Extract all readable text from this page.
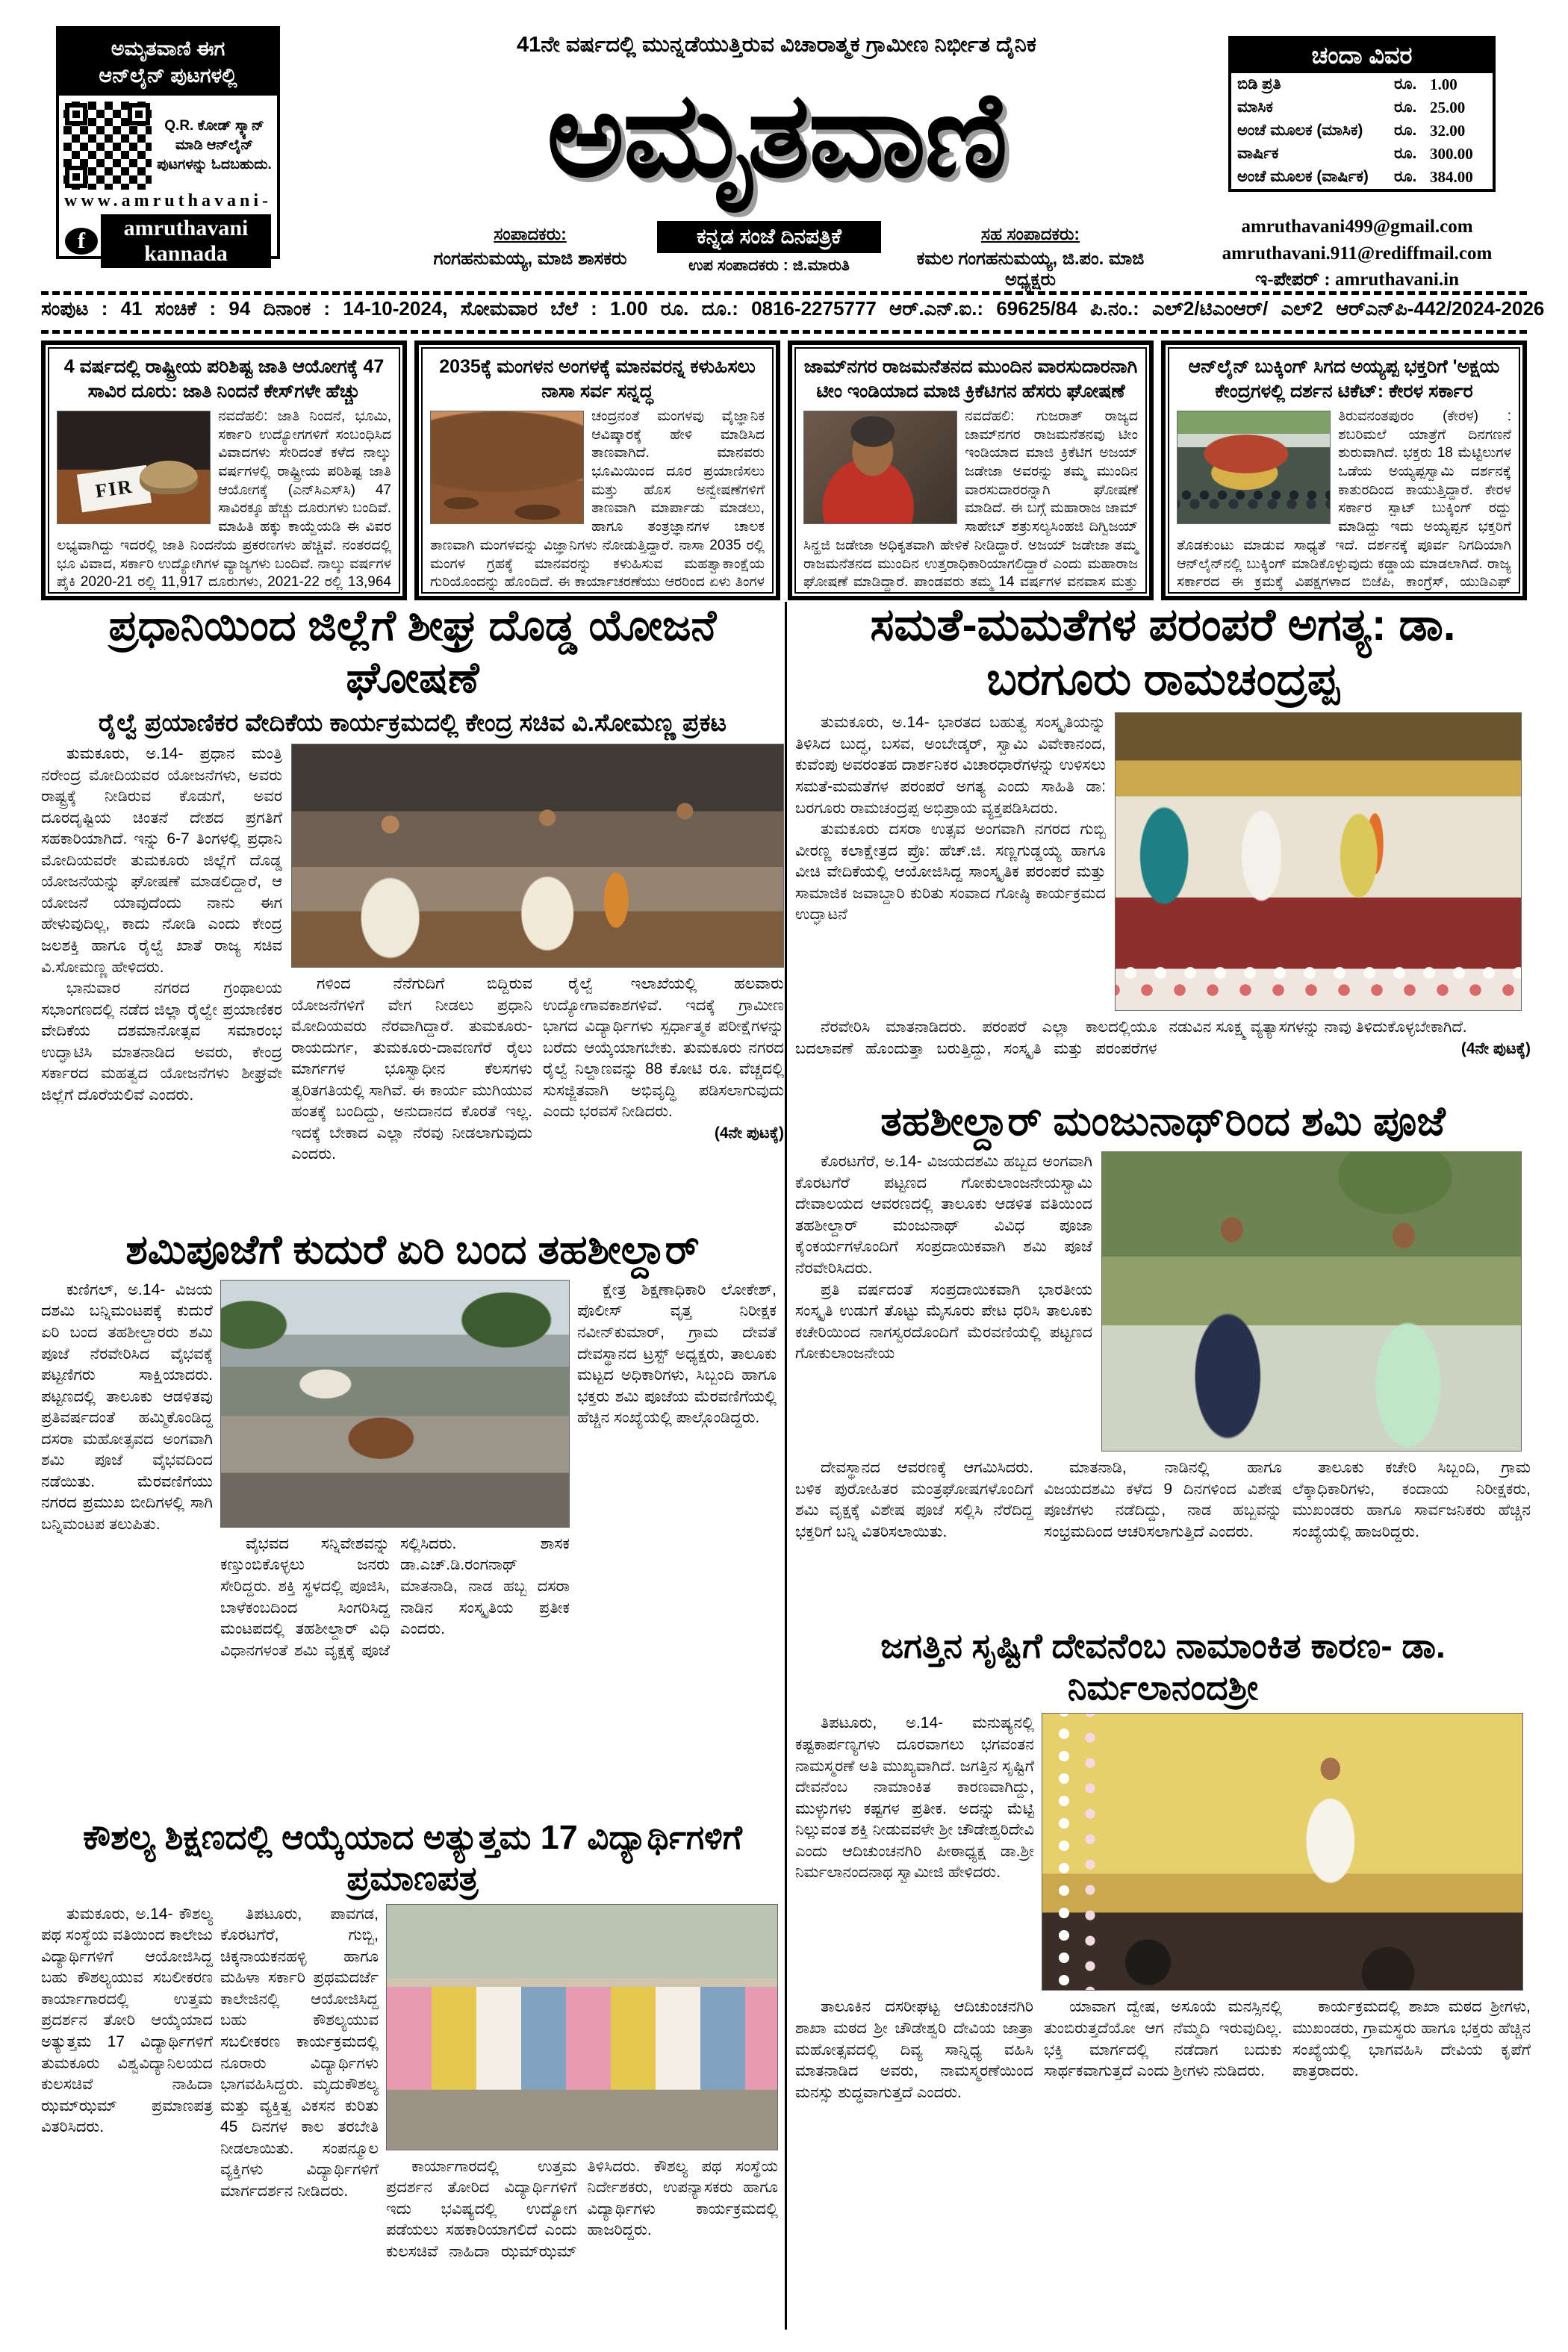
ಅಮೃತವಾಣಿ ಈಗ
ಆನ್‌ಲೈನ್ ಪುಟಗಳಲ್ಲಿ
Q.R. ಕೋಡ್ ಸ್ಕ್ಯಾನ್ ಮಾಡಿ ಆನ್‌ಲೈನ್ ಪುಟಗಳನ್ನು ಓದಬಹುದು.
www.amruthavani-
f
amruthavani kannada
41ನೇ ವರ್ಷದಲ್ಲಿ ಮುನ್ನಡೆಯುತ್ತಿರುವ ವಿಚಾರಾತ್ಮಕ ಗ್ರಾಮೀಣ ನಿರ್ಭೀತ ದೈನಿಕ
ಅಮೃತವಾಣಿ
ಕನ್ನಡ ಸಂಜೆ ದಿನಪತ್ರಿಕೆ
ಉಪ ಸಂಪಾದಕರು : ಜಿ.ಮಾರುತಿ
ಸಂಪಾದಕರು:
ಗಂಗಹನುಮಯ್ಯ, ಮಾಜಿ ಶಾಸಕರು
ಸಹ ಸಂಪಾದಕರು:
ಕಮಲ ಗಂಗಹನುಮಯ್ಯ, ಜಿ.ಪಂ. ಮಾಜಿ ಅಧ್ಯಕ್ಷರು
amruthavani499@gmail.com
amruthavani.911@rediffmail.com
ಇ-ಪೇಪರ್ : amruthavani.in
ಚಂದಾ ವಿವರ
ಬಿಡಿ ಪ್ರತಿ	ರೂ. 1.00
ಮಾಸಿಕ	ರೂ. 25.00
ಅಂಚೆ ಮೂಲಕ (ಮಾಸಿಕ)	ರೂ. 32.00
ವಾರ್ಷಿಕ	ರೂ. 300.00
ಅಂಚೆ ಮೂಲಕ (ವಾರ್ಷಿಕ)	ರೂ. 384.00
ಸಂಪುಟ : 41 ಸಂಚಿಕೆ : 94 ದಿನಾಂಕ : 14-10-2024, ಸೋಮವಾರ ಬೆಲೆ : 1.00 ರೂ. ದೂ.: 0816-2275777 ಆರ್.ಎನ್.ಐ.: 69625/84 ಪಿ.ನಂ.: ಎಲ್2/ಟಿಎಂಆರ್/ ಎಲ್2 ಆರ್‌ಎನ್‌ಪಿ-442/2024-2026
4 ವರ್ಷದಲ್ಲಿ ರಾಷ್ಟ್ರೀಯ ಪರಿಶಿಷ್ಟ ಜಾತಿ ಆಯೋಗಕ್ಕೆ 47 ಸಾವಿರ ದೂರು: ಜಾತಿ ನಿಂದನೆ ಕೇಸ್‌ಗಳೇ ಹೆಚ್ಚು
FIR
ನವದೆಹಲಿ: ಜಾತಿ ನಿಂದನೆ, ಭೂಮಿ, ಸರ್ಕಾರಿ ಉದ್ಯೋಗಗಳಿಗೆ ಸಂಬಂಧಿಸಿದ ವಿವಾದಗಳು ಸೇರಿದಂತೆ ಕಳೆದ ನಾಲ್ಕು ವರ್ಷಗಳಲ್ಲಿ ರಾಷ್ಟ್ರೀಯ ಪರಿಶಿಷ್ಟ ಜಾತಿ ಆಯೋಗಕ್ಕೆ (ಎನ್‌ಸಿಎಸ್‌ಸಿ) 47 ಸಾವಿರಕ್ಕೂ ಹೆಚ್ಚು ದೂರುಗಳು ಬಂದಿವೆ. ಮಾಹಿತಿ ಹಕ್ಕು ಕಾಯ್ದೆಯಡಿ ಈ ವಿವರ ಲಭ್ಯವಾಗಿದ್ದು ಇದರಲ್ಲಿ ಜಾತಿ ನಿಂದನೆಯ ಪ್ರಕರಣಗಳು ಹೆಚ್ಚಿವೆ. ನಂತರದಲ್ಲಿ ಭೂ ವಿವಾದ, ಸರ್ಕಾರಿ ಉದ್ಯೋಗಿಗಳ ವ್ಯಾಜ್ಯಗಳು ಬಂದಿವೆ. ನಾಲ್ಕು ವರ್ಷಗಳ ಪೈಕಿ 2020-21 ರಲ್ಲಿ 11,917 ದೂರುಗಳು, 2021-22 ರಲ್ಲಿ 13,964
2035ಕ್ಕೆ ಮಂಗಳನ ಅಂಗಳಕ್ಕೆ ಮಾನವರನ್ನ ಕಳುಹಿಸಲು ನಾಸಾ ಸರ್ವ ಸನ್ನದ್ಧ
ಚಂದ್ರನಂತೆ ಮಂಗಳವು ವೈಜ್ಞಾನಿಕ ಆವಿಷ್ಕಾರಕ್ಕೆ ಹೇಳಿ ಮಾಡಿಸಿದ ತಾಣವಾಗಿದೆ. ಮಾನವರು ಭೂಮಿಯಿಂದ ದೂರ ಪ್ರಯಾಣಿಸಲು ಮತ್ತು ಹೊಸ ಅನ್ವೇಷಣೆಗಳಿಗೆ ತಾಣವಾಗಿ ಮಾರ್ಪಾಡು ಮಾಡಲು, ಹಾಗೂ ತಂತ್ರಜ್ಞಾನಗಳ ಚಾಲಕ ತಾಣವಾಗಿ ಮಂಗಳವನ್ನು ವಿಜ್ಞಾನಿಗಳು ನೋಡುತ್ತಿದ್ದಾರೆ. ನಾಸಾ 2035 ರಲ್ಲಿ ಮಂಗಳ ಗ್ರಹಕ್ಕೆ ಮಾನವರನ್ನು ಕಳುಹಿಸುವ ಮಹತ್ವಾಕಾಂಕ್ಷೆಯ ಗುರಿಯೊಂದನ್ನು ಹೊಂದಿದೆ. ಈ ಕಾರ್ಯಾಚರಣೆಯು ಆರರಿಂದ ಏಳು ತಿಂಗಳ
ಜಾಮ್‌ನಗರ ರಾಜಮನೆತನದ ಮುಂದಿನ ವಾರಸುದಾರನಾಗಿ ಟೀಂ ಇಂಡಿಯಾದ ಮಾಜಿ ಕ್ರಿಕೆಟಿಗನ ಹೆಸರು ಘೋಷಣೆ
ನವದೆಹಲಿ: ಗುಜರಾತ್ ರಾಜ್ಯದ ಜಾಮ್‌ನಗರ ರಾಜಮನೆತನವು ಟೀಂ ಇಂಡಿಯಾದ ಮಾಜಿ ಕ್ರಿಕೆಟಿಗ ಅಜಯ್ ಜಡೇಜಾ ಅವರನ್ನು ತಮ್ಮ ಮುಂದಿನ ವಾರಸುದಾರರನ್ನಾಗಿ ಘೋಷಣೆ ಮಾಡಿದೆ. ಈ ಬಗ್ಗೆ ಮಹಾರಾಜ ಜಾಮ್ ಸಾಹೇಬ್ ಶತ್ರುಸಲ್ಯಸಿಂಹಜಿ ದಿಗ್ವಿಜಯ್ ಸಿನ್ಹಜಿ ಜಡೇಜಾ ಅಧಿಕೃತವಾಗಿ ಹೇಳಿಕೆ ನೀಡಿದ್ದಾರೆ. ಅಜಯ್ ಜಡೇಜಾ ತಮ್ಮ ರಾಜಮನೆತನದ ಮುಂದಿನ ಉತ್ತರಾಧಿಕಾರಿಯಾಗಲಿದ್ದಾರೆ ಎಂದು ಮಹಾರಾಜ ಘೋಷಣೆ ಮಾಡಿದ್ದಾರೆ. ಪಾಂಡವರು ತಮ್ಮ 14 ವರ್ಷಗಳ ವನವಾಸ ಮತ್ತು
ಆನ್‌ಲೈನ್ ಬುಕ್ಕಿಂಗ್ ಸಿಗದ ಅಯ್ಯಪ್ಪ ಭಕ್ತರಿಗೆ 'ಅಕ್ಷಯ ಕೇಂದ್ರಗಳಲ್ಲಿ ದರ್ಶನ ಟಿಕೆಟ್: ಕೇರಳ ಸರ್ಕಾರ
ತಿರುವನಂತಪುರಂ (ಕೇರಳ) : ಶಬರಿಮಲೆ ಯಾತ್ರೆಗೆ ದಿನಗಣನೆ ಶುರುವಾಗಿದೆ. ಭಕ್ತರು 18 ಮೆಟ್ಟಿಲುಗಳ ಒಡೆಯ ಅಯ್ಯಪ್ಪಸ್ವಾಮಿ ದರ್ಶನಕ್ಕೆ ಕಾತುರದಿಂದ ಕಾಯುತ್ತಿದ್ದಾರೆ. ಕೇರಳ ಸರ್ಕಾರ ಸ್ಪಾಟ್ ಬುಕ್ಕಿಂಗ್ ರದ್ದು ಮಾಡಿದ್ದು ಇದು ಅಯ್ಯಪ್ಪನ ಭಕ್ತರಿಗೆ ತೊಡಕುಂಟು ಮಾಡುವ ಸಾಧ್ಯತೆ ಇದೆ. ದರ್ಶನಕ್ಕೆ ಪೂರ್ವ ನಿಗದಿಯಾಗಿ ಆನ್‌ಲೈನ್‌ನಲ್ಲಿ ಬುಕ್ಕಿಂಗ್ ಮಾಡಿಕೊಳ್ಳುವುದು ಕಡ್ಡಾಯ ಮಾಡಲಾಗಿದೆ. ರಾಜ್ಯ ಸರ್ಕಾರದ ಈ ಕ್ರಮಕ್ಕೆ ವಿಪಕ್ಷಗಳಾದ ಬಿಜೆಪಿ, ಕಾಂಗ್ರೆಸ್, ಯುಡಿಎಫ್
ಪ್ರಧಾನಿಯಿಂದ ಜಿಲ್ಲೆಗೆ ಶೀಘ್ರ ದೊಡ್ಡ ಯೋಜನೆ ಘೋಷಣೆ
ರೈಲ್ವೆ ಪ್ರಯಾಣಿಕರ ವೇದಿಕೆಯ ಕಾರ್ಯಕ್ರಮದಲ್ಲಿ ಕೇಂದ್ರ ಸಚಿವ ವಿ.ಸೋಮಣ್ಣ ಪ್ರಕಟ

ತುಮಕೂರು, ಅ.14- ಪ್ರಧಾನ ಮಂತ್ರಿ ನರೇಂದ್ರ ಮೋದಿಯವರ ಯೋಜನೆಗಳು, ಅವರು ರಾಷ್ಟ್ರಕ್ಕೆ ನೀಡಿರುವ ಕೊಡುಗೆ, ಅವರ ದೂರದೃಷ್ಟಿಯ ಚಿಂತನೆ ದೇಶದ ಪ್ರಗತಿಗೆ ಸಹಕಾರಿಯಾಗಿದೆ. ಇನ್ನು 6-7 ತಿಂಗಳಲ್ಲಿ ಪ್ರಧಾನಿ ಮೋದಿಯವರೇ ತುಮಕೂರು ಜಿಲ್ಲೆಗೆ ದೊಡ್ಡ ಯೋಜನೆಯನ್ನು ಘೋಷಣೆ ಮಾಡಲಿದ್ದಾರೆ, ಆ ಯೋಜನೆ ಯಾವುದೆಂದು ನಾನು ಈಗ ಹೇಳುವುದಿಲ್ಲ, ಕಾದು ನೋಡಿ ಎಂದು ಕೇಂದ್ರ ಜಲಶಕ್ತಿ ಹಾಗೂ ರೈಲ್ವೆ ಖಾತೆ ರಾಜ್ಯ ಸಚಿವ ವಿ.ಸೋಮಣ್ಣ ಹೇಳಿದರು.

ಭಾನುವಾರ ನಗರದ ಗ್ರಂಥಾಲಯ ಸಭಾಂಗಣದಲ್ಲಿ ನಡೆದ ಜಿಲ್ಲಾ ರೈಲ್ವೇ ಪ್ರಯಾಣಿಕರ ವೇದಿಕೆಯ ದಶಮಾನೋತ್ಸವ ಸಮಾರಂಭ ಉದ್ಘಾಟಿಸಿ ಮಾತನಾಡಿದ ಅವರು, ಕೇಂದ್ರ ಸರ್ಕಾರದ ಮಹತ್ವದ ಯೋಜನೆಗಳು ಶೀಘ್ರವೇ ಜಿಲ್ಲೆಗೆ ದೊರೆಯಲಿವೆ ಎಂದರು.

ಗಳಿಂದ ನೆನೆಗುದಿಗೆ ಬಿದ್ದಿರುವ ಯೋಜನೆಗಳಿಗೆ ವೇಗ ನೀಡಲು ಪ್ರಧಾನಿ ಮೋದಿಯವರು ನೆರವಾಗಿದ್ದಾರೆ. ತುಮಕೂರು-ರಾಯದುರ್ಗ, ತುಮಕೂರು-ದಾವಣಗೆರೆ ರೈಲು ಮಾರ್ಗಗಳ ಭೂಸ್ವಾಧೀನ ಕೆಲಸಗಳು ತ್ವರಿತಗತಿಯಲ್ಲಿ ಸಾಗಿವೆ. ಈ ಕಾರ್ಯ ಮುಗಿಯುವ ಹಂತಕ್ಕೆ ಬಂದಿದ್ದು, ಅನುದಾನದ ಕೊರತೆ ಇಲ್ಲ. ಇದಕ್ಕೆ ಬೇಕಾದ ಎಲ್ಲಾ ನೆರವು ನೀಡಲಾಗುವುದು ಎಂದರು.

ರೈಲ್ವೆ ಇಲಾಖೆಯಲ್ಲಿ ಹಲವಾರು ಉದ್ಯೋಗಾವಕಾಶಗಳಿವೆ. ಇದಕ್ಕೆ ಗ್ರಾಮೀಣ ಭಾಗದ ವಿದ್ಯಾರ್ಥಿಗಳು ಸ್ಪರ್ಧಾತ್ಮಕ ಪರೀಕ್ಷೆಗಳನ್ನು ಬರೆದು ಆಯ್ಕೆಯಾಗಬೇಕು. ತುಮಕೂರು ನಗರದ ರೈಲ್ವೆ ನಿಲ್ದಾಣವನ್ನು 88 ಕೋಟಿ ರೂ. ವೆಚ್ಚದಲ್ಲಿ ಸುಸಜ್ಜಿತವಾಗಿ ಅಭಿವೃದ್ಧಿ ಪಡಿಸಲಾಗುವುದು ಎಂದು ಭರವಸೆ ನೀಡಿದರು.

(4ನೇ ಪುಟಕ್ಕೆ)

ಶಮಿಪೂಜೆಗೆ ಕುದುರೆ ಏರಿ ಬಂದ ತಹಶೀಲ್ದಾರ್

ಕುಣಿಗಲ್, ಅ.14- ವಿಜಯ ದಶಮಿ ಬನ್ನಿಮಂಟಪಕ್ಕೆ ಕುದುರೆ ಏರಿ ಬಂದ ತಹಶೀಲ್ದಾರರು ಶಮಿ ಪೂಜೆ ನೆರವೇರಿಸಿದ ವೈಭವಕ್ಕೆ ಪಟ್ಟಣಿಗರು ಸಾಕ್ಷಿಯಾದರು. ಪಟ್ಟಣದಲ್ಲಿ ತಾಲೂಕು ಆಡಳಿತವು ಪ್ರತಿವರ್ಷದಂತೆ ಹಮ್ಮಿಕೊಂಡಿದ್ದ ದಸರಾ ಮಹೋತ್ಸವದ ಅಂಗವಾಗಿ ಶಮಿ ಪೂಜೆ ವೈಭವದಿಂದ ನಡೆಯಿತು. ಮೆರವಣಿಗೆಯು ನಗರದ ಪ್ರಮುಖ ಬೀದಿಗಳಲ್ಲಿ ಸಾಗಿ ಬನ್ನಿಮಂಟಪ ತಲುಪಿತು.

ವೈಭವದ ಸನ್ನಿವೇಶವನ್ನು ಕಣ್ತುಂಬಿಕೊಳ್ಳಲು ಜನರು ಸೇರಿದ್ದರು. ಶಕ್ತಿ ಸ್ಥಳದಲ್ಲಿ ಪೂಜಿಸಿ, ಬಾಳೆಕಂಬದಿಂದ ಸಿಂಗರಿಸಿದ್ದ ಮಂಟಪದಲ್ಲಿ ತಹಶೀಲ್ದಾರ್ ವಿಧಿ ವಿಧಾನಗಳಂತೆ ಶಮಿ ವೃಕ್ಷಕ್ಕೆ ಪೂಜೆ ಸಲ್ಲಿಸಿದರು. ಶಾಸಕ ಡಾ.ಎಚ್.ಡಿ.ರಂಗನಾಥ್ ಮಾತನಾಡಿ, ನಾಡ ಹಬ್ಬ ದಸರಾ ನಾಡಿನ ಸಂಸ್ಕೃತಿಯ ಪ್ರತೀಕ ಎಂದರು.

ಕ್ಷೇತ್ರ ಶಿಕ್ಷಣಾಧಿಕಾರಿ ಲೋಕೇಶ್, ಪೊಲೀಸ್ ವೃತ್ತ ನಿರೀಕ್ಷಕ ನವೀನ್‌ಕುಮಾರ್, ಗ್ರಾಮ ದೇವತೆ ದೇವಸ್ಥಾನದ ಟ್ರಸ್ಟ್ ಅಧ್ಯಕ್ಷರು, ತಾಲೂಕು ಮಟ್ಟದ ಅಧಿಕಾರಿಗಳು, ಸಿಬ್ಬಂದಿ ಹಾಗೂ ಭಕ್ತರು ಶಮಿ ಪೂಜೆಯ ಮೆರವಣಿಗೆಯಲ್ಲಿ ಹೆಚ್ಚಿನ ಸಂಖ್ಯೆಯಲ್ಲಿ ಪಾಲ್ಗೊಂಡಿದ್ದರು.

ಕೌಶಲ್ಯ ಶಿಕ್ಷಣದಲ್ಲಿ ಆಯ್ಕೆಯಾದ ಅತ್ಯುತ್ತಮ 17 ವಿದ್ಯಾರ್ಥಿಗಳಿಗೆ ಪ್ರಮಾಣಪತ್ರ

ತುಮಕೂರು, ಅ.14- ಕೌಶಲ್ಯ ಪಥ ಸಂಸ್ಥೆಯ ವತಿಯಿಂದ ಕಾಲೇಜು ವಿದ್ಯಾರ್ಥಿಗಳಿಗೆ ಆಯೋಜಿಸಿದ್ದ ಬಹು ಕೌಶಲ್ಯಯುವ ಸಬಲೀಕರಣ ಕಾರ್ಯಾಗಾರದಲ್ಲಿ ಉತ್ತಮ ಪ್ರದರ್ಶನ ತೋರಿ ಆಯ್ಕೆಯಾದ ಅತ್ಯುತ್ತಮ 17 ವಿದ್ಯಾರ್ಥಿಗಳಿಗೆ ತುಮಕೂರು ವಿಶ್ವವಿದ್ಯಾನಿಲಯದ ಕುಲಸಚಿವೆ ನಾಹಿದಾ ಝಮ್‌ಝಮ್ ಪ್ರಮಾಣಪತ್ರ ವಿತರಿಸಿದರು.

ತಿಪಟೂರು, ಪಾವಗಡ, ಕೊರಟಗೆರೆ, ಗುಬ್ಬಿ, ಚಿಕ್ಕನಾಯಕನಹಳ್ಳಿ ಹಾಗೂ ಮಹಿಳಾ ಸರ್ಕಾರಿ ಪ್ರಥಮದರ್ಜೆ ಕಾಲೇಜಿನಲ್ಲಿ ಆಯೋಜಿಸಿದ್ದ ಬಹು ಕೌಶಲ್ಯಯುವ ಸಬಲೀಕರಣ ಕಾರ್ಯಕ್ರಮದಲ್ಲಿ ನೂರಾರು ವಿದ್ಯಾರ್ಥಿಗಳು ಭಾಗವಹಿಸಿದ್ದರು. ಮೃದುಕೌಶಲ್ಯ ಮತ್ತು ವ್ಯಕ್ತಿತ್ವ ವಿಕಸನ ಕುರಿತು 45 ದಿನಗಳ ಕಾಲ ತರಬೇತಿ ನೀಡಲಾಯಿತು. ಸಂಪನ್ಮೂಲ ವ್ಯಕ್ತಿಗಳು ವಿದ್ಯಾರ್ಥಿಗಳಿಗೆ ಮಾರ್ಗದರ್ಶನ ನೀಡಿದರು.

ಕಾರ್ಯಾಗಾರದಲ್ಲಿ ಉತ್ತಮ ಪ್ರದರ್ಶನ ತೋರಿದ ವಿದ್ಯಾರ್ಥಿಗಳಿಗೆ ಇದು ಭವಿಷ್ಯದಲ್ಲಿ ಉದ್ಯೋಗ ಪಡೆಯಲು ಸಹಕಾರಿಯಾಗಲಿದೆ ಎಂದು ಕುಲಸಚಿವೆ ನಾಹಿದಾ ಝಮ್‌ಝಮ್ ತಿಳಿಸಿದರು. ಕೌಶಲ್ಯ ಪಥ ಸಂಸ್ಥೆಯ ನಿರ್ದೇಶಕರು, ಉಪನ್ಯಾಸಕರು ಹಾಗೂ ವಿದ್ಯಾರ್ಥಿಗಳು ಕಾರ್ಯಕ್ರಮದಲ್ಲಿ ಹಾಜರಿದ್ದರು.

ಸಮತೆ-ಮಮತೆಗಳ ಪರಂಪರೆ ಅಗತ್ಯ: ಡಾ. ಬರಗೂರು ರಾಮಚಂದ್ರಪ್ಪ

ತುಮಕೂರು, ಅ.14- ಭಾರತದ ಬಹುತ್ವ ಸಂಸ್ಕೃತಿಯನ್ನು ತಿಳಿಸಿದ ಬುದ್ಧ, ಬಸವ, ಅಂಬೇಡ್ಕರ್, ಸ್ವಾಮಿ ವಿವೇಕಾನಂದ, ಕುವೆಂಪು ಅವರಂತಹ ದಾರ್ಶನಿಕರ ವಿಚಾರಧಾರೆಗಳನ್ನು ಉಳಿಸಲು ಸಮತೆ-ಮಮತೆಗಳ ಪರಂಪರೆ ಅಗತ್ಯ ಎಂದು ಸಾಹಿತಿ ಡಾ: ಬರಗೂರು ರಾಮಚಂದ್ರಪ್ಪ ಅಭಿಪ್ರಾಯ ವ್ಯಕ್ತಪಡಿಸಿದರು.

ತುಮಕೂರು ದಸರಾ ಉತ್ಸವ ಅಂಗವಾಗಿ ನಗರದ ಗುಬ್ಬಿ ವೀರಣ್ಣ ಕಲಾಕ್ಷೇತ್ರದ ಪ್ರೊ: ಹೆಚ್.ಜಿ. ಸಣ್ಣಗುಡ್ಡಯ್ಯ ಹಾಗೂ ವೀಚಿ ವೇದಿಕೆಯಲ್ಲಿ ಆಯೋಜಿಸಿದ್ದ ಸಾಂಸ್ಕೃತಿಕ ಪರಂಪರೆ ಮತ್ತು ಸಾಮಾಜಿಕ ಜವಾಬ್ದಾರಿ ಕುರಿತು ಸಂವಾದ ಗೋಷ್ಠಿ ಕಾರ್ಯಕ್ರಮದ ಉದ್ಘಾಟನೆ

ನೆರವೇರಿಸಿ ಮಾತನಾಡಿದರು. ಪರಂಪರೆ ಎಲ್ಲಾ ಕಾಲದಲ್ಲಿಯೂ ಬದಲಾವಣೆ ಹೊಂದುತ್ತಾ ಬರುತ್ತಿದ್ದು, ಸಂಸ್ಕೃತಿ ಮತ್ತು ಪರಂಪರೆಗಳ ನಡುವಿನ ಸೂಕ್ಷ್ಮ ವ್ಯತ್ಯಾಸಗಳನ್ನು ನಾವು ತಿಳಿದುಕೊಳ್ಳಬೇಕಾಗಿದೆ.

(4ನೇ ಪುಟಕ್ಕೆ)

ತಹಶೀಲ್ದಾರ್ ಮಂಜುನಾಥ್‌ರಿಂದ ಶಮಿ ಪೂಜೆ

ಕೊರಟಗೆರೆ, ಅ.14- ವಿಜಯದಶಮಿ ಹಬ್ಬದ ಅಂಗವಾಗಿ ಕೊರಟಗೆರೆ ಪಟ್ಟಣದ ಗೋಕುಲಾಂಜನೇಯಸ್ವಾಮಿ ದೇವಾಲಯದ ಆವರಣದಲ್ಲಿ ತಾಲೂಕು ಆಡಳಿತ ವತಿಯಿಂದ ತಹಶೀಲ್ದಾರ್ ಮಂಜುನಾಥ್ ವಿವಿಧ ಪೂಜಾ ಕೈಂಕರ್ಯಗಳೊಂದಿಗೆ ಸಂಪ್ರದಾಯಿಕವಾಗಿ ಶಮಿ ಪೂಜೆ ನೆರವೇರಿಸಿದರು.

ಪ್ರತಿ ವರ್ಷದಂತೆ ಸಂಪ್ರದಾಯಿಕವಾಗಿ ಭಾರತೀಯ ಸಂಸ್ಕೃತಿ ಉಡುಗೆ ತೊಟ್ಟು ಮೈಸೂರು ಪೇಟ ಧರಿಸಿ ತಾಲೂಕು ಕಚೇರಿಯಿಂದ ನಾಗಸ್ವರದೊಂದಿಗೆ ಮೆರವಣಿಯಲ್ಲಿ ಪಟ್ಟಣದ ಗೋಕುಲಾಂಜನೇಯ

ದೇವಸ್ಥಾನದ ಆವರಣಕ್ಕೆ ಆಗಮಿಸಿದರು. ಬಳಿಕ ಪುರೋಹಿತರ ಮಂತ್ರಘೋಷಗಳೊಂದಿಗೆ ಶಮಿ ವೃಕ್ಷಕ್ಕೆ ವಿಶೇಷ ಪೂಜೆ ಸಲ್ಲಿಸಿ ನೆರೆದಿದ್ದ ಭಕ್ತರಿಗೆ ಬನ್ನಿ ವಿತರಿಸಲಾಯಿತು.

ಮಾತನಾಡಿ, ನಾಡಿನಲ್ಲಿ ಹಾಗೂ ವಿಜಯದಶಮಿ ಕಳೆದ 9 ದಿನಗಳಿಂದ ವಿಶೇಷ ಪೂಜೆಗಳು ನಡೆದಿದ್ದು, ನಾಡ ಹಬ್ಬವನ್ನು ಸಂಭ್ರಮದಿಂದ ಆಚರಿಸಲಾಗುತ್ತಿದೆ ಎಂದರು.

ತಾಲೂಕು ಕಚೇರಿ ಸಿಬ್ಬಂದಿ, ಗ್ರಾಮ ಲೆಕ್ಕಾಧಿಕಾರಿಗಳು, ಕಂದಾಯ ನಿರೀಕ್ಷಕರು, ಮುಖಂಡರು ಹಾಗೂ ಸಾರ್ವಜನಿಕರು ಹೆಚ್ಚಿನ ಸಂಖ್ಯೆಯಲ್ಲಿ ಹಾಜರಿದ್ದರು.

ಜಗತ್ತಿನ ಸೃಷ್ಟಿಗೆ ದೇವನೆಂಬ ನಾಮಾಂಕಿತ ಕಾರಣ- ಡಾ. ನಿರ್ಮಲಾನಂದಶ್ರೀ

ತಿಪಟೂರು, ಅ.14- ಮನುಷ್ಯನಲ್ಲಿ ಕಷ್ಟಕಾರ್ಪಣ್ಯಗಳು ದೂರವಾಗಲು ಭಗವಂತನ ನಾಮಸ್ಮರಣೆ ಅತಿ ಮುಖ್ಯವಾಗಿದೆ. ಜಗತ್ತಿನ ಸೃಷ್ಟಿಗೆ ದೇವನೆಂಬ ನಾಮಾಂಕಿತ ಕಾರಣವಾಗಿದ್ದು, ಮುಳ್ಳುಗಳು ಕಷ್ಟಗಳ ಪ್ರತೀಕ. ಅದನ್ನು ಮೆಟ್ಟಿ ನಿಲ್ಲುವಂತ ಶಕ್ತಿ ನೀಡುವವಳೇ ಶ್ರೀ ಚೌಡೇಶ್ವರಿದೇವಿ ಎಂದು ಆದಿಚುಂಚನಗಿರಿ ಪೀಠಾಧ್ಯಕ್ಷ ಡಾ.ಶ್ರೀ ನಿರ್ಮಲಾನಂದನಾಥ ಸ್ವಾಮೀಜಿ ಹೇಳಿದರು.

ತಾಲೂಕಿನ ದಸರೀಘಟ್ಟ ಆದಿಚುಂಚನಗಿರಿ ಶಾಖಾ ಮಠದ ಶ್ರೀ ಚೌಡೇಶ್ವರಿ ದೇವಿಯ ಜಾತ್ರಾ ಮಹೋತ್ಸವದಲ್ಲಿ ದಿವ್ಯ ಸಾನ್ನಿಧ್ಯ ವಹಿಸಿ ಮಾತನಾಡಿದ ಅವರು, ನಾಮಸ್ಮರಣೆಯಿಂದ ಮನಸ್ಸು ಶುದ್ಧವಾಗುತ್ತದೆ ಎಂದರು.

ಯಾವಾಗ ದ್ವೇಷ, ಅಸೂಯೆ ಮನಸ್ಸಿನಲ್ಲಿ ತುಂಬಿರುತ್ತದೆಯೋ ಆಗ ನೆಮ್ಮದಿ ಇರುವುದಿಲ್ಲ. ಭಕ್ತಿ ಮಾರ್ಗದಲ್ಲಿ ನಡೆದಾಗ ಬದುಕು ಸಾರ್ಥಕವಾಗುತ್ತದೆ ಎಂದು ಶ್ರೀಗಳು ನುಡಿದರು.

ಕಾರ್ಯಕ್ರಮದಲ್ಲಿ ಶಾಖಾ ಮಠದ ಶ್ರೀಗಳು, ಮುಖಂಡರು, ಗ್ರಾಮಸ್ಥರು ಹಾಗೂ ಭಕ್ತರು ಹೆಚ್ಚಿನ ಸಂಖ್ಯೆಯಲ್ಲಿ ಭಾಗವಹಿಸಿ ದೇವಿಯ ಕೃಪೆಗೆ ಪಾತ್ರರಾದರು.
